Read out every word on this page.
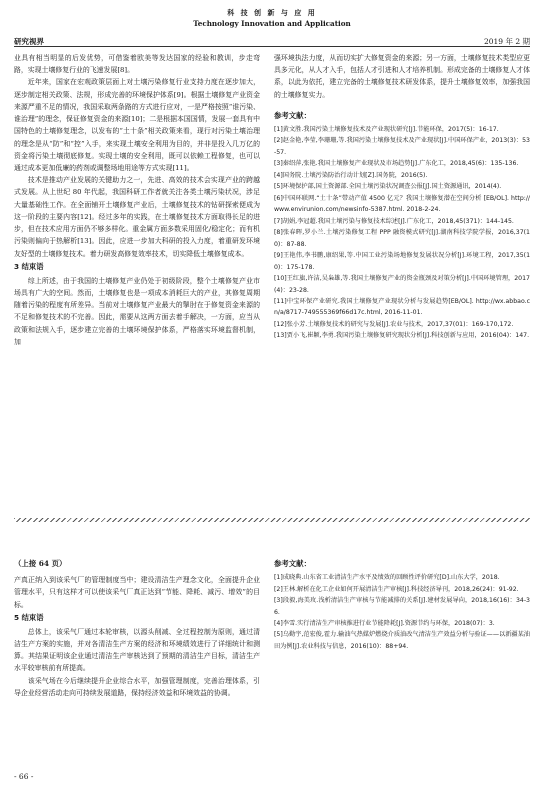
科 技 创 新 与 应 用
Technology Innovation and Application
研究视界	2019 年 2 期

业具有相当明显的后发优势，可借鉴着欧美等发达国家的经验和教训，步走弯路，实现土壤修复行业的飞速发展[8]。

近年来，国家在宏观政策层面上对土壤污染修复行业支持力度在逐步加大，逐步制定相关政策、法规，形成完善的环境保护体系[9]。根据土壤修复产业资金来源严重不足的情况，我国采取两条路的方式进行应对，一是严格按照“谁污染、谁治理”的理念，保证修复资金的来源[10]；二是根据本国国情，发展一套具有中国特色的土壤修复理念，以发布的“土十条”相关政策来看，现行对污染土壤治理的理念是从“防”和“控”入手，来实现土壤安全利用为目的，并非是投入几万亿的资金将污染土壤彻底修复。实现土壤的安全利用，既可以依赖工程修复，也可以通过成本更加低廉的药剂或调整场地用途等方式实现[11]。

技术是推动产业发展的关键助力之一，先进、高效的技术会实现产业的跨越式发展。从上世纪 80 年代起，我国科研工作者就关注各类土壤污染状况，涉足大量基础性工作。在全面铺开土壤修复产业后，土壤修复技术的钻研探索便成为这一阶段的主要内容[12]。经过多年的实践，在土壤修复技术方面取得长足的进步，但在技术应用方面仍不够多样化。重金属方面多数采用固化/稳定化；而有机污染则偏向于热解析[13]。因此，应进一步加大科研的投入力度，着重研发环境友好型的土壤修复技术。着力研发高修复效率技术，切实降低土壤修复成本。

3 结束语

综上所述，由于我国的土壤修复产业仍处于初级阶段，整个土壤修复产业市场具有广大的空间。然而，土壤修复也是一项成本消耗巨大的产业，其修复周期随着污染的程度有所差异。当前对土壤修复产业最大的掣肘在于修复资金来源的不足和修复技术的不完善。因此，需要从这两方面去着手解决，一方面，应当从政策和法规入手，逐步建立完善的土壤环境保护体系，严格落实环境监督机制，加

强环境执法力度，从而切实扩大修复资金的来源；另一方面，土壤修复技术类型应更具多元化，从人才入手，包括人才引进和人才培养机制。形成完备的土壤修复人才体系，以此为依托，建立完备的土壤修复技术研发体系，提升土壤修复效率，加强我国的土壤修复实力。

参考文献：
[1]黄文胜.我国污染土壤修复技术及产业现状研究[J].节能环保，2017(5)：16-17.
[2]赵金艳,李莹,李珊珊,等.我国污染土壤修复技术及产业现状[J].中国环保产业，2013(3)：53-57.
[3]秦绍萍,张艳.我国土壤修复产业现状及市场趋势[J].广东化工，2018,45(6)：135-136.
[4]国务院.土壤污染防治行动计划[Z].国务院，2016(5).
[5]环境保护部,国土资源部.全国土壤污染状况调查公报[J].国土资源通讯，2014(4).
[6]中国环联网.“土十条”带动产值 4500 亿元？我国土壤修复潜在空间分析 [EB/OL]. http://www.envirunion.com/newsinfo-5387.html. 2018-2-24.
[7]胡娟,李冠超.我国土壤污染与修复技术综述[J].广东化工，2018,45(371)：144-145.
[8]张春晖,罗小兰.土壤污染修复工程 PPP 融资模式研究[J].湖南科技学院学报，2016,37(10)：87-88.
[9]王艳伟,李书鹏,康绍果,等.中国工业污染场地修复发展状况分析[J].环境工程，2017,35(10)：175-178.
[10]王红旗,许洁,吴枭雄,等.我国土壤修复产业的资金瓶颈及对策分析[J].中国环境管理，2017(4)：23-28.
[11]中宝环保产业研究.我国土壤修复产业现状分析与发展趋势[EB/OL]. http://wx.abbao.cn/a/8717-749555369f66d17c.html, 2016-11-01.
[12]张小芳.土壤修复技术的研究与发展[J].农业与技术，2017,37(01)：169-170,172.
[13]贾小飞,崔颖,李勇.我国污染土壤修复研究现状分析[J].科技创新与应用，2016(04)：147.
（上接 64 页）

产真正纳入到该采气厂的管理制度当中；建设清洁生产理念文化，全面提升企业管理水平，只有这样才可以使该采气厂真正达到“节能、降耗、减污、增效”的目标。

5 结束语

总体上，该采气厂通过本轮审核，以源头削减、全过程控制为原则，通过清洁生产方案的实施，并对各清洁生产方案的经济和环境绩效进行了详细统计和测算。其结果证明该企业通过清洁生产审核达到了预期的清洁生产目标，清洁生产水平较审核前有所提高。

该采气场在今后继续提升企业综合水平，加强管理制度，完善治理体系，引导企业经营活动走向可持续发展道路，保持经济效益和环境效益的协调。

参考文献：
[1]成晓典.山东省工业清洁生产水平及绩效的回顾性评价研究[D].山东大学，2018.
[2]王林.解析在化工企业如何开展清洁生产审核[J].科技经济导刊，2018,26(24)：91-92.
[3]段毅,海美玫.浅析清洁生产审核与节能减排的关系[J].建材发展导向，2018,16(16)：34-36.
[4]李雪.实行清洁生产审核推进行业节能降耗[J].资源节约与环保，2018(07)：3.
[5]乌勤宇,范宏俊,霍力.输油气热媒炉燃烧介质油改气清洁生产效益分析与验证——以新疆某油田为例[J].农业科技与信息，2016(10)：88+94.
- 66 -
